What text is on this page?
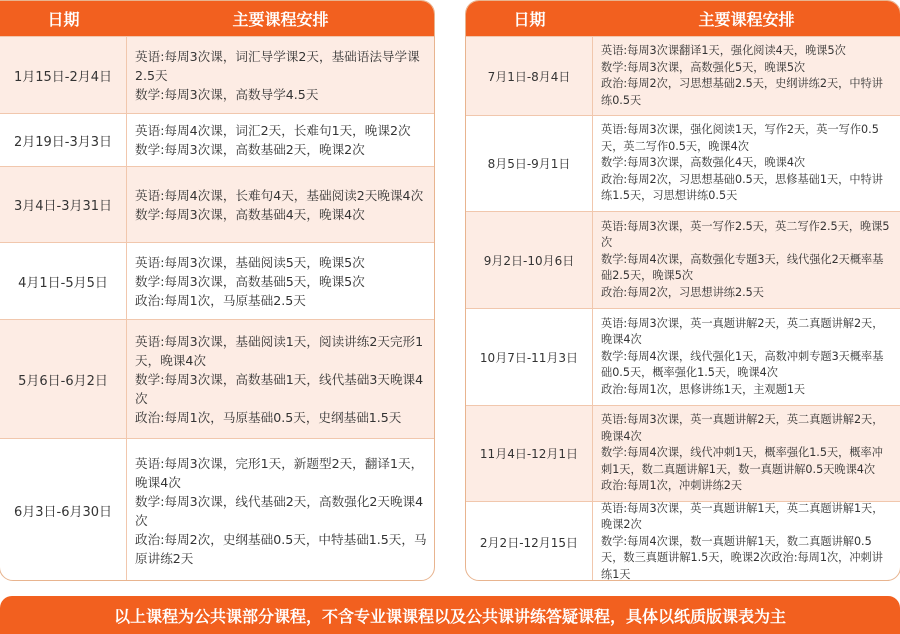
日期	主要课程安排
1月15日-2月4日
英语:每周3次课，词汇导学课2天，基础语法导学课2.5天
数学:每周3次课，高数导学4.5天
2月19日-3月3日
英语:每周4次课，词汇2天，长难句1天，晚课2次
数学:每周3次课，高数基础2天，晚课2次
3月4日-3月31日
英语:每周4次课，长难句4天，基础阅读2天晚课4次
数学:每周3次课，高数基础4天，晚课4次
4月1日-5月5日
英语:每周3次课，基础阅读5天，晚课5次
数学:每周3次课，高数基础5天，晚课5次
政治:每周1次，马原基础2.5天
5月6日-6月2日
英语:每周3次课，基础阅读1天，阅读讲练2天完形1天，晚课4次
数学:每周3次课，高数基础1天，线代基础3天晚课4次
政治:每周1次，马原基础0.5天，史纲基础1.5天
6月3日-6月30日
英语:每周3次课，完形1天，新题型2天，翻译1天，晚课4次
数学:每周3次课，线代基础2天，高数强化2天晚课4次
政治:每周2次，史纲基础0.5天，中特基础1.5天，马原讲练2天
日期	主要课程安排
7月1日-8月4日
英语:每周3次课翻译1天，强化阅读4天，晚课5次
数学:每周3次课，高数强化5天，晚课5次
政治:每周2次，习思想基础2.5天，史纲讲练2天，中特讲练0.5天
8月5日-9月1日
英语:每周3次课，强化阅读1天，写作2天，英一写作0.5天，英二写作0.5天，晚课4次
数学:每周3次课，高数强化4天，晚课4次
政治:每周2次，习思想基础0.5天，思修基础1天，中特讲练1.5天，习思想讲练0.5天
9月2日-10月6日
英语:每周3次课，英一写作2.5天，英二写作2.5天，晚课5次
数学:每周4次课，高数强化专题3天，线代强化2天概率基础2.5天，晚课5次
政治:每周2次，习思想讲练2.5天
10月7日-11月3日
英语:每周3次课，英一真题讲解2天，英二真题讲解2天，晚课4次
数学:每周4次课，线代强化1天，高数冲刺专题3天概率基础0.5天，概率强化1.5天，晚课4次
政治:每周1次，思修讲练1天，主观题1天
11月4日-12月1日
英语:每周3次课，英一真题讲解2天，英二真题讲解2天，晚课4次
数学:每周4次课，线代冲刺1天，概率强化1.5天，概率冲刺1天，数二真题讲解1天，数一真题讲解0.5天晚课4次
政治:每周1次，冲刺讲练2天
2月2日-12月15日
英语:每周3次课，英一真题讲解1天，英二真题讲解1天，晚课2次
数学:每周4次课，数一真题讲解1天，数二真题讲解0.5天，数三真题讲解1.5天，晚课2次政治:每周1次，冲刺讲练1天
以上课程为公共课部分课程，不含专业课课程以及公共课讲练答疑课程，具体以纸质版课表为主
